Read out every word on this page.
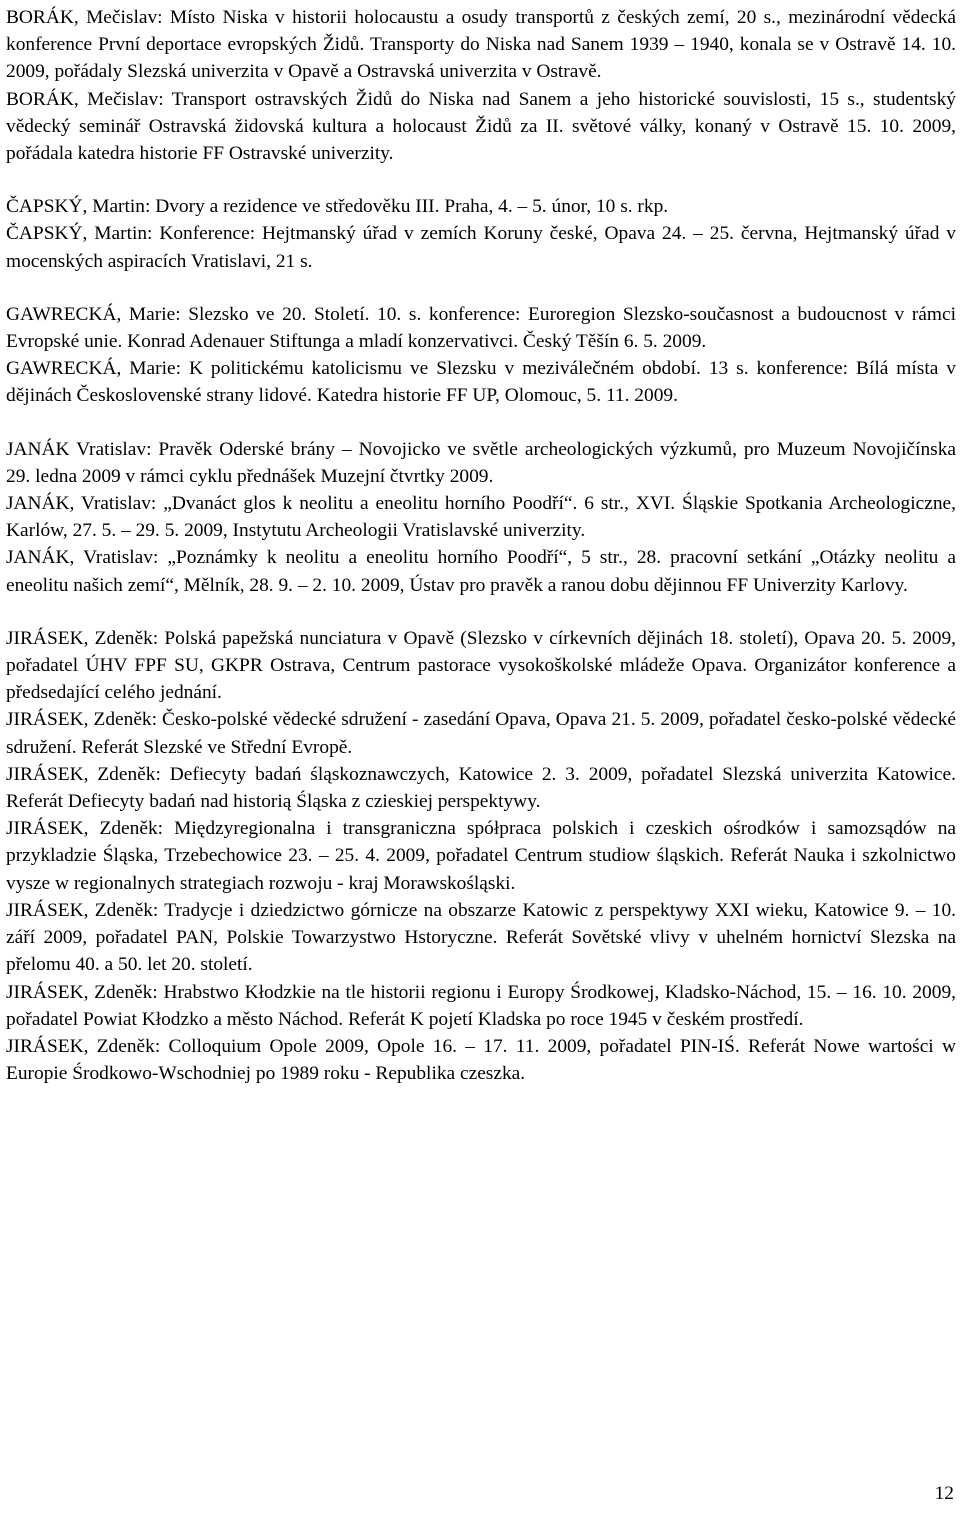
BORÁK, Mečislav: Místo Niska v historii holocaustu a osudy transportů z českých zemí, 20 s., mezinárodní vědecká konference První deportace evropských Židů. Transporty do Niska nad Sanem 1939 – 1940, konala se v Ostravě 14. 10. 2009, pořádaly Slezská univerzita v Opavě a Ostravská univerzita v Ostravě.

BORÁK, Mečislav: Transport ostravských Židů do Niska nad Sanem a jeho historické souvislosti, 15 s., studentský vědecký seminář Ostravská židovská kultura a holocaust Židů za II. světové války, konaný v Ostravě 15. 10. 2009, pořádala katedra historie FF Ostravské univerzity.

ČAPSKÝ, Martin: Dvory a rezidence ve středověku III. Praha, 4. – 5. únor, 10 s. rkp.

ČAPSKÝ, Martin: Konference: Hejtmanský úřad v zemích Koruny české, Opava 24. – 25. června, Hejtmanský úřad v mocenských aspiracích Vratislavi, 21 s.

GAWRECKÁ, Marie: Slezsko ve 20. Století. 10. s. konference: Euroregion Slezsko-současnost a budoucnost v rámci Evropské unie. Konrad Adenauer Stiftunga a mladí konzervativci. Český Těšín 6. 5. 2009.

GAWRECKÁ, Marie: K politickému katolicismu ve Slezsku v meziválečném období. 13 s. konference: Bílá místa v dějinách Československé strany lidové. Katedra historie FF UP, Olomouc, 5. 11. 2009.

JANÁK Vratislav: Pravěk Oderské brány – Novojicko ve světle archeologických výzkumů, pro Muzeum Novojičínska 29. ledna 2009 v rámci cyklu přednášek Muzejní čtvrtky 2009.

JANÁK, Vratislav: „Dvanáct glos k neolitu a eneolitu horního Poodří“. 6 str., XVI. Śląskie Spotkania Archeologiczne, Karlów, 27. 5. – 29. 5. 2009, Instytutu Archeologii Vratislavské univerzity.

JANÁK, Vratislav: „Poznámky k neolitu a eneolitu horního Poodří“, 5 str., 28. pracovní setkání „Otázky neolitu a eneolitu našich zemí“, Mělník, 28. 9. – 2. 10. 2009, Ústav pro pravěk a ranou dobu dějinnou FF Univerzity Karlovy.

JIRÁSEK, Zdeněk: Polská papežská nunciatura v Opavě (Slezsko v církevních dějinách 18. století), Opava 20. 5. 2009, pořadatel ÚHV FPF SU, GKPR Ostrava, Centrum pastorace vysokoškolské mládeže Opava. Organizátor konference a předsedající celého jednání.

JIRÁSEK, Zdeněk: Česko-polské vědecké sdružení - zasedání Opava, Opava 21. 5. 2009, pořadatel česko-polské vědecké sdružení. Referát Slezské ve Střední Evropě.

JIRÁSEK, Zdeněk: Defiecyty badań śląskoznawczych, Katowice 2. 3. 2009, pořadatel Slezská univerzita Katowice. Referát Defiecyty badań nad historią Śląska z czieskiej perspektywy.

JIRÁSEK, Zdeněk: Międzyregionalna i transgraniczna spółpraca polskich i czeskich ośrodków i samozsądów na przykladzie Śląska, Trzebechowice 23. – 25. 4. 2009, pořadatel Centrum studiow śląskich. Referát Nauka i szkolnictwo vysze w regionalnych strategiach rozwoju - kraj Morawskośląski.

JIRÁSEK, Zdeněk: Tradycje i dziedzictwo górnicze na obszarze Katowic z perspektywy XXI wieku, Katowice 9. – 10. září 2009, pořadatel PAN, Polskie Towarzystwo Hstoryczne. Referát Sovětské vlivy v uhelném hornictví Slezska na přelomu 40. a 50. let 20. století.

JIRÁSEK, Zdeněk: Hrabstwo Kłodzkie na tle historii regionu i Europy Środkowej, Kladsko-Náchod, 15. – 16. 10. 2009, pořadatel Powiat Kłodzko a město Náchod. Referát K pojetí Kladska po roce 1945 v českém prostředí.

JIRÁSEK, Zdeněk: Colloquium Opole 2009, Opole 16. – 17. 11. 2009, pořadatel PIN-IŚ. Referát Nowe wartości w Europie Środkowo-Wschodniej po 1989 roku - Republika czeszka.

12
